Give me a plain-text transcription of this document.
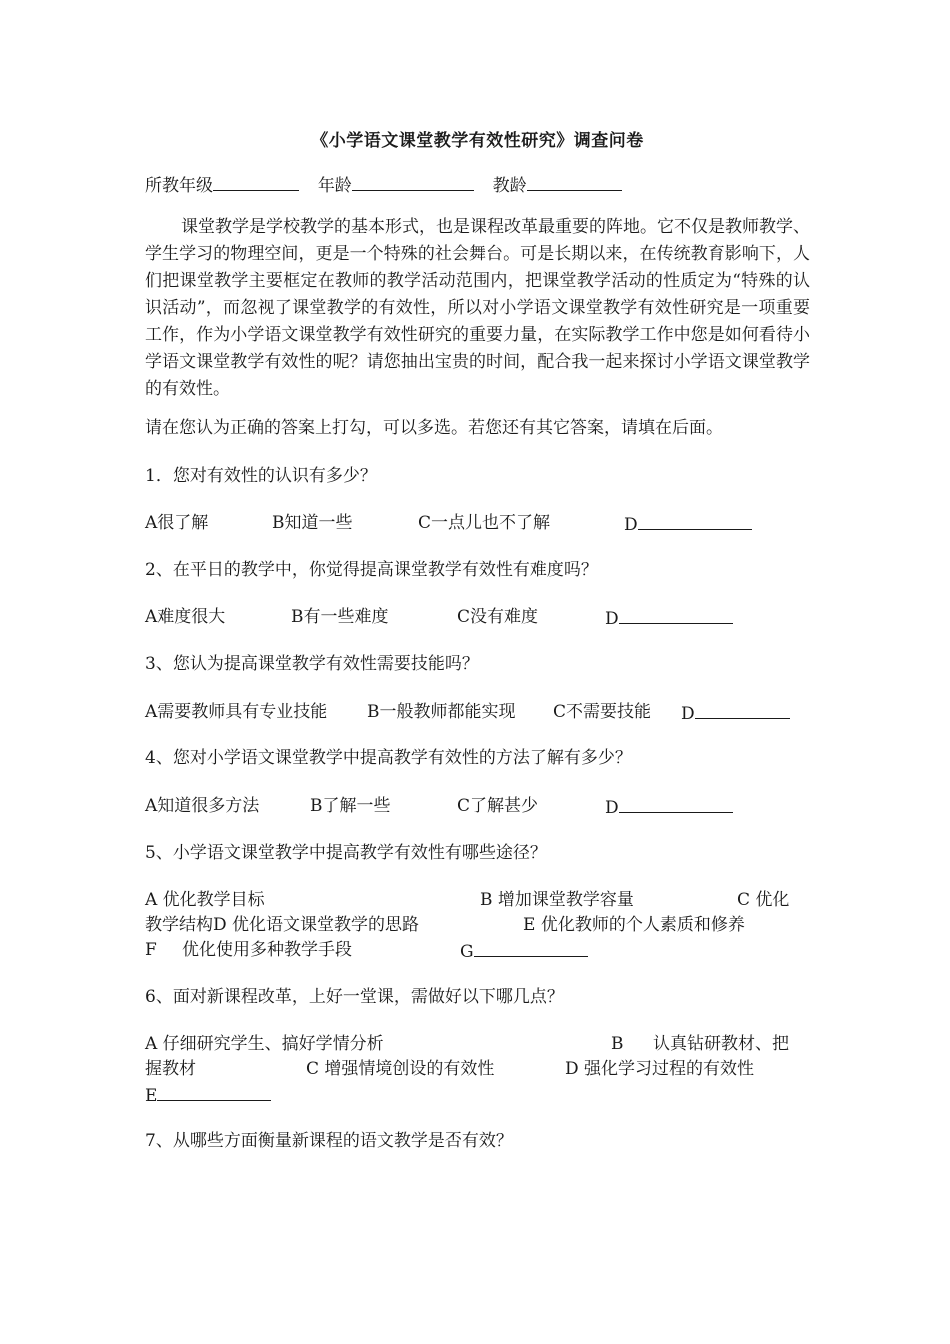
《小学语文课堂教学有效性研究》调查问卷
所教年级	年龄	教龄
课堂教学是学校教学的基本形式，也是课程改革最重要的阵地。它不仅是教师教学、学生学习的物理空间，更是一个特殊的社会舞台。可是长期以来，在传统教育影响下，人们把课堂教学主要框定在教师的教学活动范围内，把课堂教学活动的性质定为“特殊的认识活动”，而忽视了课堂教学的有效性，所以对小学语文课堂教学有效性研究是一项重要工作，作为小学语文课堂教学有效性研究的重要力量，在实际教学工作中您是如何看待小学语文课堂教学有效性的呢？请您抽出宝贵的时间，配合我一起来探讨小学语文课堂教学的有效性。
请在您认为正确的答案上打勾，可以多选。若您还有其它答案，请填在后面。
1．您对有效性的认识有多少？
A很了解	B知道一些	C一点儿也不了解	D
2、在平日的教学中，你觉得提高课堂教学有效性有难度吗？
A难度很大	B有一些难度	C没有难度	D
3、您认为提高课堂教学有效性需要技能吗？
A需要教师具有专业技能 B一般教师都能实现 C不需要技能 D
4、您对小学语文课堂教学中提高教学有效性的方法了解有多少？
A知道很多方法	B了解一些	C了解甚少	D
5、小学语文课堂教学中提高教学有效性有哪些途径？
A 优化教学目标	B 增加课堂教学容量	C 优化
教学结构D 优化语文课堂教学的思路	E 优化教师的个人素质和修养
F 优化使用多种教学手段	G
6、面对新课程改革，上好一堂课，需做好以下哪几点？
A 仔细研究学生、搞好学情分析	B 认真钻研教材、把
握教材	C 增强情境创设的有效性	D 强化学习过程的有效性
E
7、从哪些方面衡量新课程的语文教学是否有效？
